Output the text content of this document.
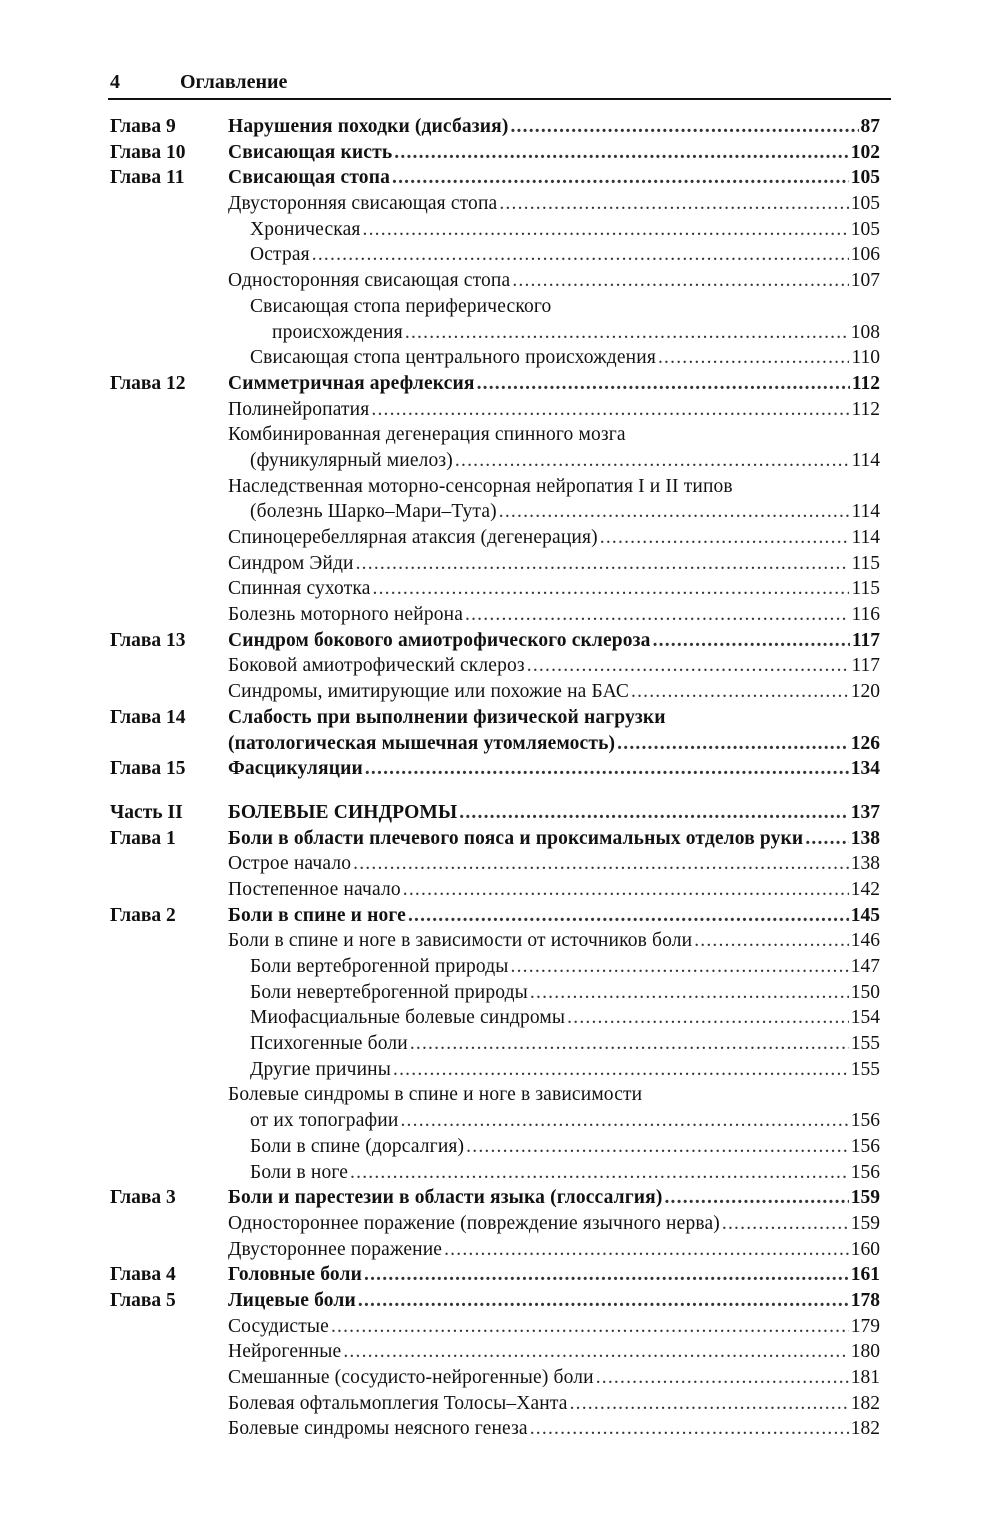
4	Оглавление
Глава 9	Нарушения походки (дисбазия) .....	87
Глава 10 Свисающая кисть .....	102
Глава 11 Свисающая стопа .....	105
Двусторонняя свисающая стопа .....	105
Хроническая .....	105
Острая .....	106
Односторонняя свисающая стопа .....	107
Свисающая стопа периферического
происхождения .....	108
Свисающая стопа центрального происхождения .....	110
Глава 12 Симметричная арефлексия .....	112
Полинейропатия .....	112
Комбинированная дегенерация спинного мозга
(фуникулярный миелоз) .....	114
Наследственная моторно-сенсорная нейропатия I и II типов
(болезнь Шарко–Мари–Тута) .....	114
Спиноцеребеллярная атаксия (дегенерация) .....	114
Синдром Эйди .....	115
Спинная сухотка .....	115
Болезнь моторного нейрона .....	116
Глава 13 Синдром бокового амиотрофического склероза .....	117
Боковой амиотрофический склероз .....	117
Синдромы, имитирующие или похожие на БАС .....	120
Глава 14 Слабость при выполнении физической нагрузки
(патологическая мышечная утомляемость) .....	126
Глава 15 Фасцикуляции .....	134
Часть II БОЛЕВЫЕ СИНДРОМЫ .....	137
Глава 1	Боли в области плечевого пояса и проксимальных отделов руки ..... 138
Острое начало .....	138
Постепенное начало .....	142
Глава 2	Боли в спине и ноге .....	145
Боли в спине и ноге в зависимости от источников боли .....	146
Боли вертеброгенной природы .....	147
Боли невертеброгенной природы .....	150
Миофасциальные болевые синдромы .....	154
Психогенные боли .....	155
Другие причины .....	155
Болевые синдромы в спине и ноге в зависимости
от их топографии .....	156
Боли в спине (дорсалгия) .....	156
Боли в ноге .....	156
Глава 3	Боли и парестезии в области языка (глоссалгия) .....	159
Одностороннее поражение (повреждение язычного нерва) .....	159
Двустороннее поражение .....	160
Глава 4	Головные боли .....	161
Глава 5	Лицевые боли .....	178
Сосудистые .....	179
Нейрогенные .....	180
Смешанные (сосудисто-нейрогенные) боли .....	181
Болевая офтальмоплегия Толосы–Ханта .....	182
Болевые синдромы неясного генеза .....	182
